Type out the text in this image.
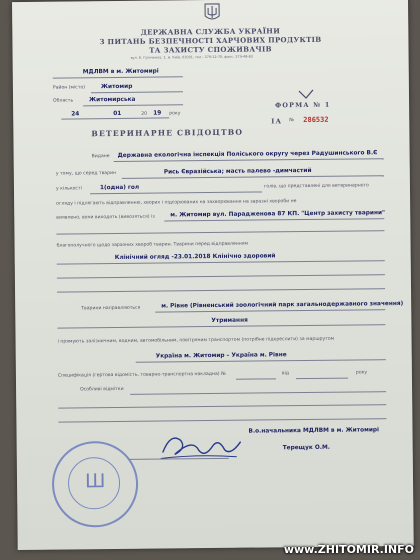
ДЕРЖАВНА СЛУЖБА УКРАЇНИ
З ПИТАНЬ БЕЗПЕЧНОСТІ ХАРЧОВИХ ПРОДУКТІВ
ТА ЗАХИСТУ СПОЖИВАЧІВ
вул. Б. Грінченка, 1, м. Київ, 01001, тел.: 279-12-70, факс: 279-48-83
МДЛВМ в м. Житомирі
Район (місто)	Житомир
Область	Житомирська
24	01	20 19 року
ФОРМА № 1
ІА № 286532
ВЕТЕРИНАРНЕ СВІДОЦТВО
Видане Державна екологічна інспекція Поліського округу через Радушинського В.Є
у тому, що серед тварин	Рись Євразійська; масть палево -димчастий
у кількості	1(одна) гол	голів, що представлені для ветеринарного
огляду і підлягають відправленню, хворих і підозрюваних на захворювання на заразні хвороби не
виявлено, вони виходять (вивозяться) із	м. Житомир вул. Парадженова 87 КП. "Центр захисту тварини"
благополучного щодо заразних хвороб тварин. Тварини перед відправленням
Клінічний огляд -23.01.2018 Клінічно здоровий
Тварини направляються	м. Рівне (Рівненський зоологічний парк загальнодержавного значення)
Утримання
і прямують залізничним, водним, автомобільним, повітряним транспортом (потрібне підкреслити) за маршрутом
Україна м. Житомир – Україна м. Рівне
Специфікація (гертова відомість, товарно-транспортна накладна) №	від	року
Особливі відмітки
Ш
В.о.начальника МДЛВМ в м. Житомирі
Терещук О.М.
www.ZHITOMIR.INFO
